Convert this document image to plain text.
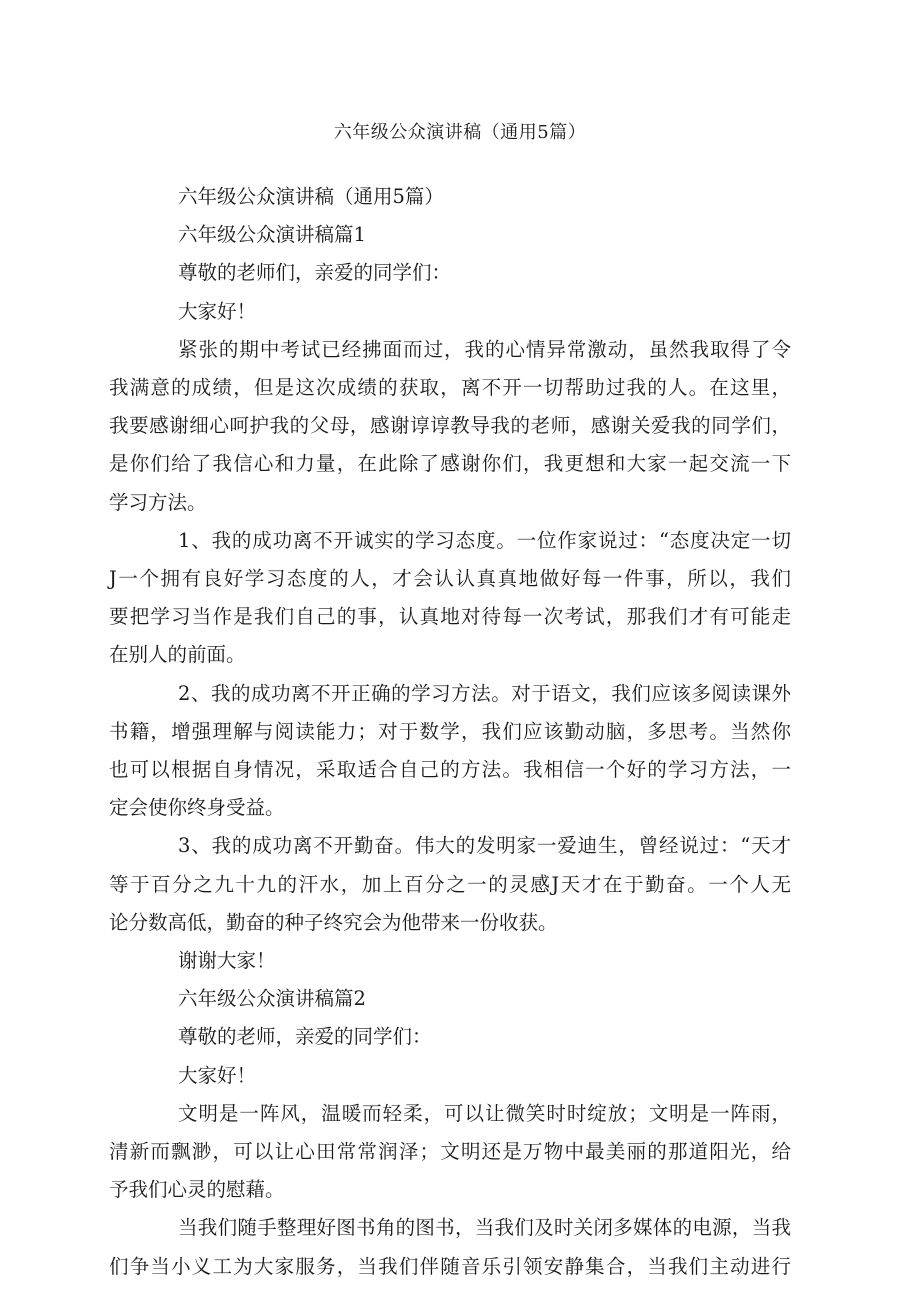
六年级公众演讲稿（通用5篇）

六年级公众演讲稿（通用5篇）

六年级公众演讲稿篇1

尊敬的老师们，亲爱的同学们：

大家好！

紧张的期中考试已经拂面而过，我的心情异常激动，虽然我取得了令

我满意的成绩，但是这次成绩的获取，离不开一切帮助过我的人。在这里，

我要感谢细心呵护我的父母，感谢谆谆教导我的老师，感谢关爱我的同学们，

是你们给了我信心和力量，在此除了感谢你们，我更想和大家一起交流一下

学习方法。

1、我的成功离不开诚实的学习态度。一位作家说过：“态度决定一切

J一个拥有良好学习态度的人，才会认认真真地做好每一件事，所以，我们

要把学习当作是我们自己的事，认真地对待每一次考试，那我们才有可能走

在别人的前面。

2、我的成功离不开正确的学习方法。对于语文，我们应该多阅读课外

书籍，增强理解与阅读能力；对于数学，我们应该勤动脑，多思考。当然你

也可以根据自身情况，采取适合自己的方法。我相信一个好的学习方法，一

定会使你终身受益。

3、我的成功离不开勤奋。伟大的发明家一爱迪生，曾经说过：“天才

等于百分之九十九的汗水，加上百分之一的灵感J天才在于勤奋。一个人无

论分数高低，勤奋的种子终究会为他带来一份收获。

谢谢大家！

六年级公众演讲稿篇2

尊敬的老师，亲爱的同学们：

大家好！

文明是一阵风，温暖而轻柔，可以让微笑时时绽放；文明是一阵雨，

清新而飘渺，可以让心田常常润泽；文明还是万物中最美丽的那道阳光，给

予我们心灵的慰藉。

当我们随手整理好图书角的图书，当我们及时关闭多媒体的电源，当我

们争当小义工为大家服务，当我们伴随音乐引领安静集合，当我们主动进行
